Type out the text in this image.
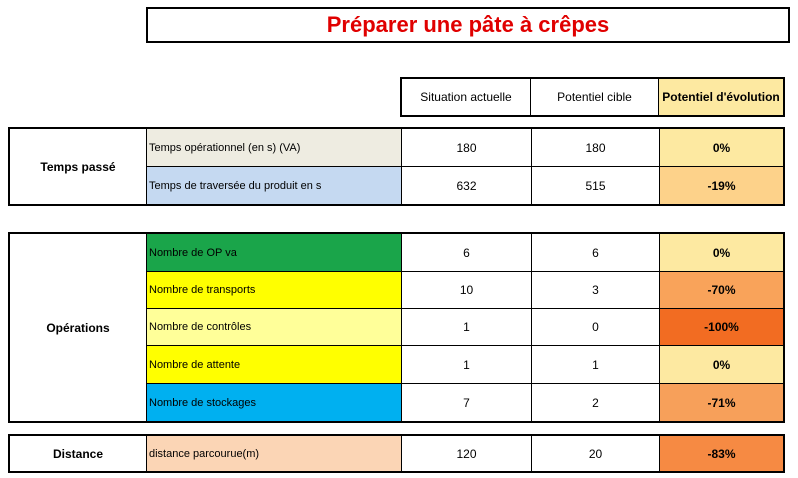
Préparer une pâte à crêpes
Situation actuelle	Potentiel cible	Potentiel d'évolution
Temps passé
Temps opérationnel (en s) (VA)	180	180	0%
Temps de traversée du produit en s	632	515	-19%
Opérations
Nombre de OP va	6	6	0%
Nombre de transports	10	3	-70%
Nombre de contrôles	1	0	-100%
Nombre de attente	1	1	0%
Nombre de stockages	7	2	-71%
Distance	distance parcourue(m)	120	20	-83%
